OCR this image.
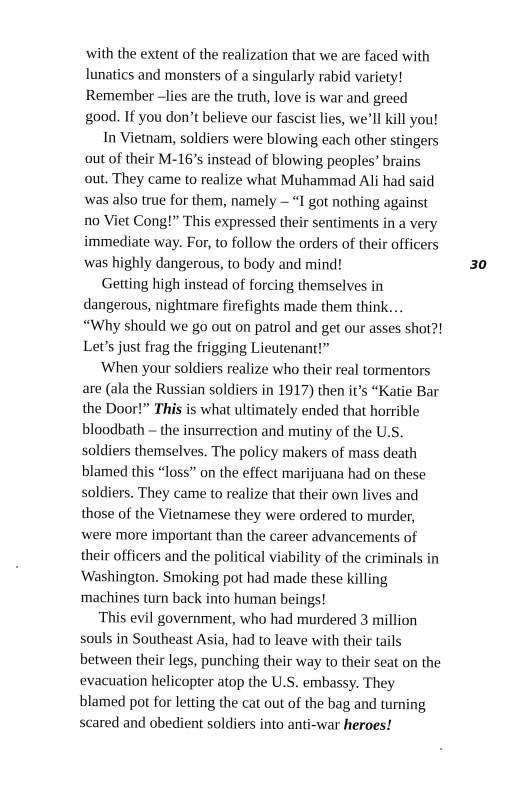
with the extent of the realization that we are faced with
lunatics and monsters of a singularly rabid variety!
Remember –lies are the truth, love is war and greed
good. If you don’t believe our fascist lies, we’ll kill you!
In Vietnam, soldiers were blowing each other stingers
out of their M-16’s instead of blowing peoples’ brains
out. They came to realize what Muhammad Ali had said
was also true for them, namely – “I got nothing against
no Viet Cong!” This expressed their sentiments in a very
immediate way. For, to follow the orders of their officers
was highly dangerous, to body and mind!
Getting high instead of forcing themselves in
dangerous, nightmare firefights made them think…
“Why should we go out on patrol and get our asses shot?!
Let’s just frag the frigging Lieutenant!”
When your soldiers realize who their real tormentors
are (ala the Russian soldiers in 1917) then it’s “Katie Bar
the Door!” This is what ultimately ended that horrible
bloodbath – the insurrection and mutiny of the U.S.
soldiers themselves. The policy makers of mass death
blamed this “loss” on the effect marijuana had on these
soldiers. They came to realize that their own lives and
those of the Vietnamese they were ordered to murder,
were more important than the career advancements of
their officers and the political viability of the criminals in
Washington. Smoking pot had made these killing
machines turn back into human beings!
This evil government, who had murdered 3 million
souls in Southeast Asia, had to leave with their tails
between their legs, punching their way to their seat on the
evacuation helicopter atop the U.S. embassy. They
blamed pot for letting the cat out of the bag and turning
scared and obedient soldiers into anti-war heroes!
30
